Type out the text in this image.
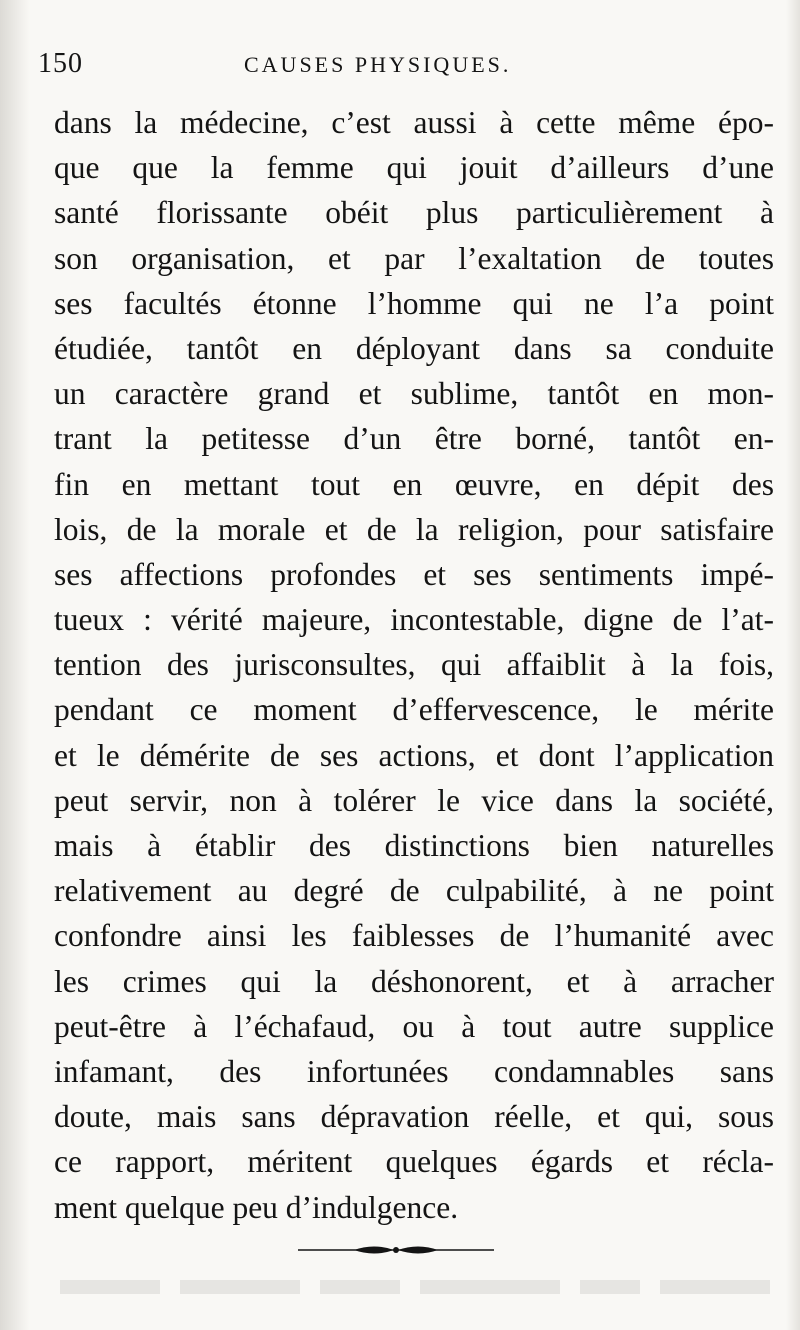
150	CAUSES PHYSIQUES.
dans la médecine, c’est aussi à cette même épo-
que que la femme qui jouit d’ailleurs d’une
santé florissante obéit plus particulièrement à
son organisation, et par l’exaltation de toutes
ses facultés étonne l’homme qui ne l’a point
étudiée, tantôt en déployant dans sa conduite
un caractère grand et sublime, tantôt en mon-
trant la petitesse d’un être borné, tantôt en-
fin en mettant tout en œuvre, en dépit des
lois, de la morale et de la religion, pour satisfaire
ses affections profondes et ses sentiments impé-
tueux : vérité majeure, incontestable, digne de l’at-
tention des jurisconsultes, qui affaiblit à la fois,
pendant ce moment d’effervescence, le mérite
et le démérite de ses actions, et dont l’application
peut servir, non à tolérer le vice dans la société,
mais à établir des distinctions bien naturelles
relativement au degré de culpabilité, à ne point
confondre ainsi les faiblesses de l’humanité avec
les crimes qui la déshonorent, et à arracher
peut-être à l’échafaud, ou à tout autre supplice
infamant, des infortunées condamnables sans
doute, mais sans dépravation réelle, et qui, sous
ce rapport, méritent quelques égards et récla-
ment quelque peu d’indulgence.
